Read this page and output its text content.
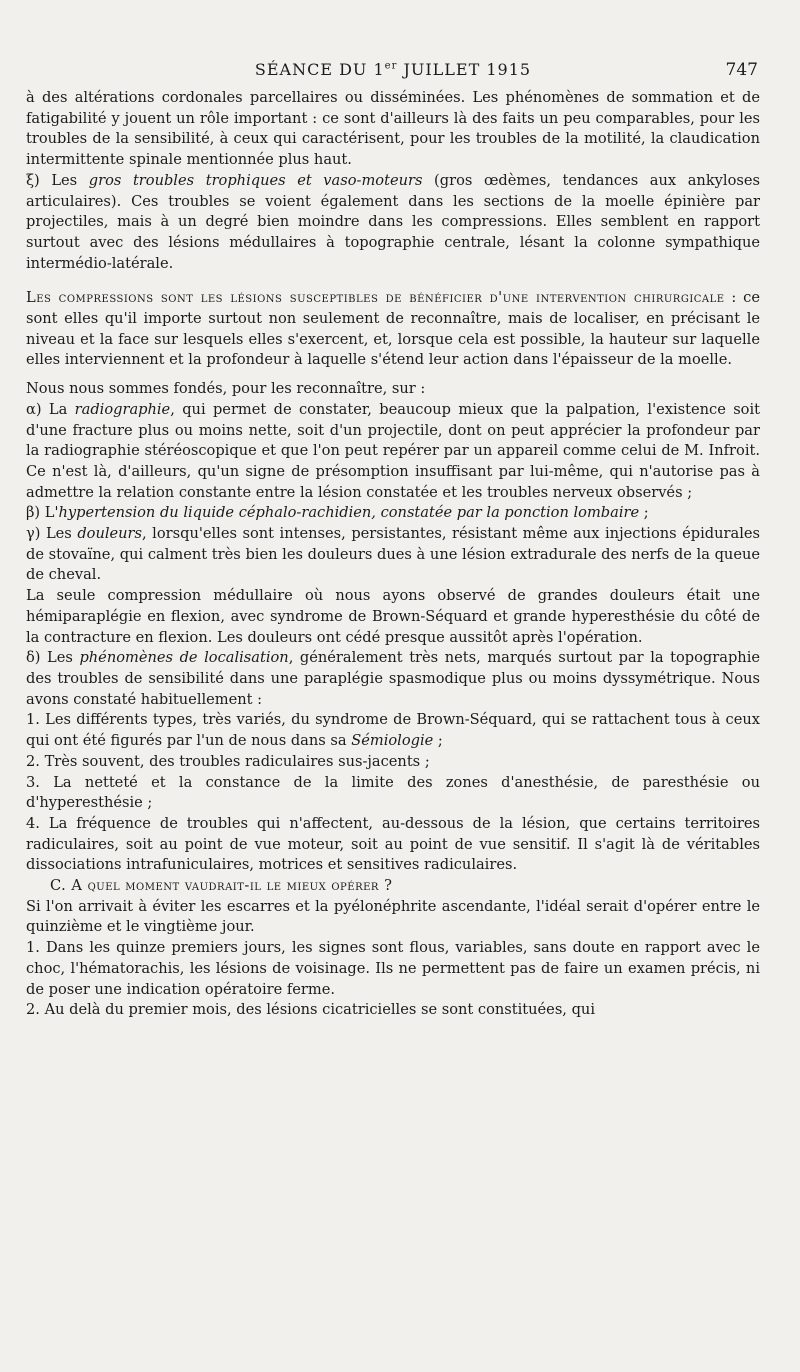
SÉANCE DU 1er JUILLET 1915	747

à des altérations cordonales parcellaires ou disséminées. Les phénomènes de sommation et de fatigabilité y jouent un rôle important : ce sont d'ailleurs là des faits un peu comparables, pour les troubles de la sensibilité, à ceux qui caractérisent, pour les troubles de la motilité, la claudication intermittente spinale mentionnée plus haut.

ξ) Les gros troubles trophiques et vaso-moteurs (gros œdèmes, tendances aux ankyloses articulaires). Ces troubles se voient également dans les sections de la moelle épinière par projectiles, mais à un degré bien moindre dans les compressions. Elles semblent en rapport surtout avec des lésions médullaires à topographie centrale, lésant la colonne sympathique intermédio-latérale.

Les compressions sont les lésions susceptibles de bénéficier d'une intervention chirurgicale : ce sont elles qu'il importe surtout non seulement de reconnaître, mais de localiser, en précisant le niveau et la face sur lesquels elles s'exercent, et, lorsque cela est possible, la hauteur sur laquelle elles interviennent et la profondeur à laquelle s'étend leur action dans l'épaisseur de la moelle.

Nous nous sommes fondés, pour les reconnaître, sur :

α) La radiographie, qui permet de constater, beaucoup mieux que la palpation, l'existence soit d'une fracture plus ou moins nette, soit d'un projectile, dont on peut apprécier la profondeur par la radiographie stéréoscopique et que l'on peut repérer par un appareil comme celui de M. Infroit. Ce n'est là, d'ailleurs, qu'un signe de présomption insuffisant par lui-même, qui n'autorise pas à admettre la relation constante entre la lésion constatée et les troubles nerveux observés ;

β) L'hypertension du liquide céphalo-rachidien, constatée par la ponction lombaire ;

γ) Les douleurs, lorsqu'elles sont intenses, persistantes, résistant même aux injections épidurales de stovaïne, qui calment très bien les douleurs dues à une lésion extradurale des nerfs de la queue de cheval.

La seule compression médullaire où nous ayons observé de grandes douleurs était une hémiparaplégie en flexion, avec syndrome de Brown-Séquard et grande hyperesthésie du côté de la contracture en flexion. Les douleurs ont cédé presque aussitôt après l'opération.

δ) Les phénomènes de localisation, généralement très nets, marqués surtout par la topographie des troubles de sensibilité dans une paraplégie spasmodique plus ou moins dyssymétrique. Nous avons constaté habituellement :

1. Les différents types, très variés, du syndrome de Brown-Séquard, qui se rattachent tous à ceux qui ont été figurés par l'un de nous dans sa Sémiologie ;

2. Très souvent, des troubles radiculaires sus-jacents ;

3. La netteté et la constance de la limite des zones d'anesthésie, de paresthésie ou d'hyperesthésie ;

4. La fréquence de troubles qui n'affectent, au-dessous de la lésion, que certains territoires radiculaires, soit au point de vue moteur, soit au point de vue sensitif. Il s'agit là de véritables dissociations intrafuniculaires, motrices et sensitives radiculaires.

C. A quel moment vaudrait-il le mieux opérer ?

Si l'on arrivait à éviter les escarres et la pyélonéphrite ascendante, l'idéal serait d'opérer entre le quinzième et le vingtième jour.

1. Dans les quinze premiers jours, les signes sont flous, variables, sans doute en rapport avec le choc, l'hématorachis, les lésions de voisinage. Ils ne permettent pas de faire un examen précis, ni de poser une indication opératoire ferme.

2. Au delà du premier mois, des lésions cicatricielles se sont constituées, qui
